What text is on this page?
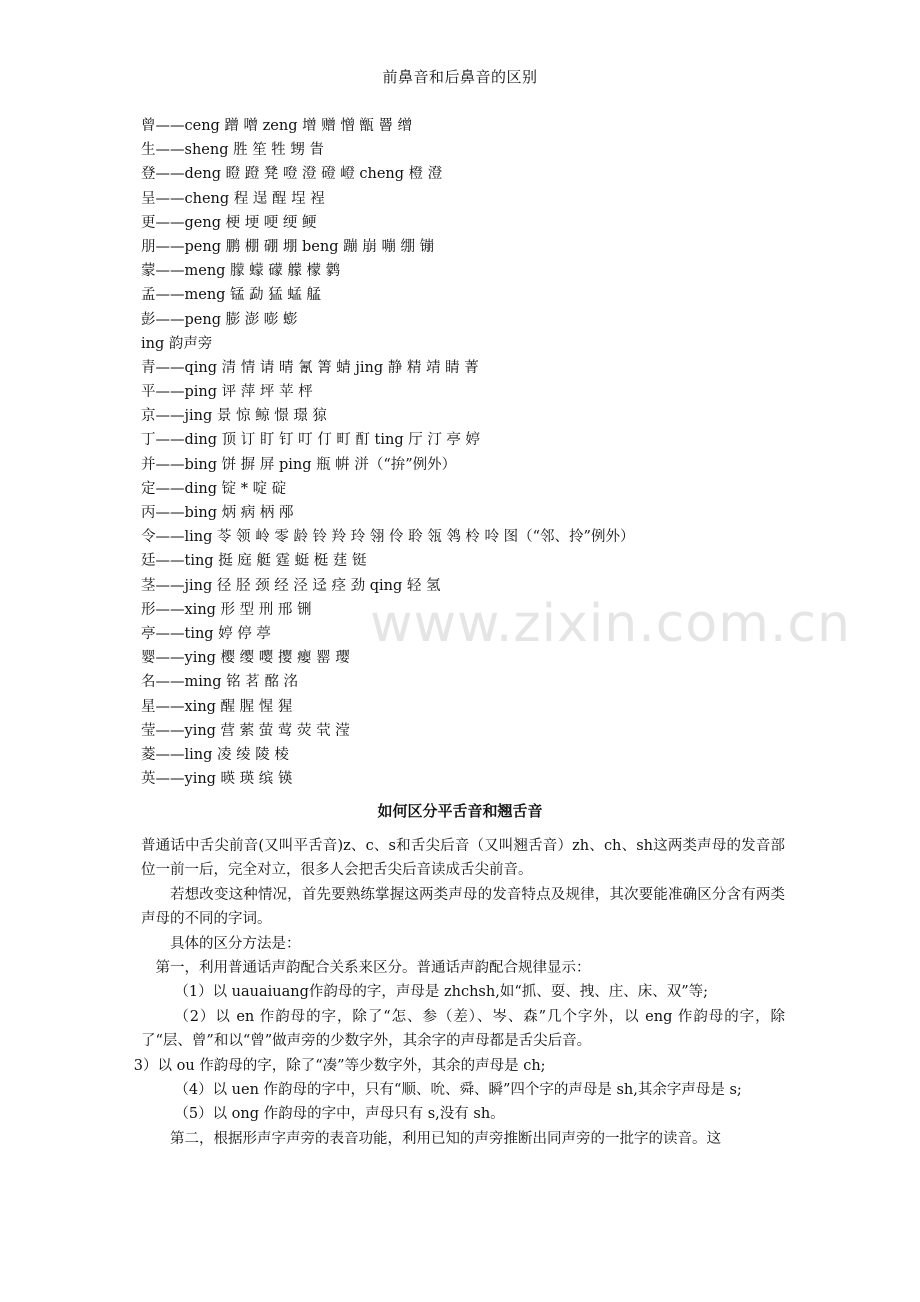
前鼻音和后鼻音的区别
曾——ceng 蹭 噌 zeng 增 赠 憎 甑 罾 缯
生——sheng 胜 笙 牲 甥 眚
登——deng 瞪 蹬 凳 噔 澄 磴 嶝 cheng 橙 澄
呈——cheng 程 逞 酲 埕 裎
更——geng 梗 埂 哽 绠 鲠
朋——peng 鹏 棚 硼 堋 beng 蹦 崩 嘣 绷 镚
蒙——meng 朦 蠓 礞 艨 檬 鹲
孟——meng 锰 勐 猛 蜢 艋
彭——peng 膨 澎 嘭 蟛
ing 韵声旁
青——qing 清 情 请 晴 氰 箐 蜻 jing 静 精 靖 睛 菁
平——ping 评 萍 坪 苹 枰
京——jing 景 惊 鲸 憬 璟 猄
丁——ding 顶 订 盯 钉 叮 仃 町 酊 ting 厅 汀 亭 婷
并——bing 饼 摒 屏 ping 瓶 帲 洴（“拚”例外）
定——ding 锭 * 啶 碇
丙——bing 炳 病 柄 邴
令——ling 苓 领 岭 零 龄 铃 羚 玲 翎 伶 聆 瓴 鸰 柃 呤 图（“邻、拎”例外）
廷——ting 挺 庭 艇 霆 蜓 梃 莛 铤
茎——jing 径 胫 颈 经 泾 迳 痉 劲 qing 轻 氢
形——xing 形 型 刑 邢 铏
亭——ting 婷 停 葶
婴——ying 樱 缨 嘤 撄 瘿 罂 璎
名——ming 铭 茗 酩 洺
星——xing 醒 腥 惺 猩
莹——ying 营 萦 萤 莺 荧 茕 滢
菱——ling 凌 绫 陵 棱
英——ying 暎 瑛 缤 锳
www.zixin.com.cn
如何区分平舌音和翘舌音

普通话中舌尖前音(又叫平舌音)z、c、s和舌尖后音（又叫翘舌音）zh、ch、sh这两类声母的发音部位一前一后，完全对立，很多人会把舌尖后音读成舌尖前音。

若想改变这种情况，首先要熟练掌握这两类声母的发音特点及规律，其次要能准确区分含有两类声母的不同的字词。

具体的区分方法是：

第一，利用普通话声韵配合关系来区分。普通话声韵配合规律显示：

（1）以 uauaiuang作韵母的字，声母是 zhchsh,如“抓、耍、拽、庄、床、双”等;

（2）以 en 作韵母的字，除了“怎、参（差）、岑、森”几个字外，以 eng 作韵母的字，除了“层、曾”和以“曾”做声旁的少数字外，其余字的声母都是舌尖后音。

3）以 ou 作韵母的字，除了“凑”等少数字外，其余的声母是 ch;

（4）以 uen 作韵母的字中，只有“顺、吮、舜、瞬”四个字的声母是 sh,其余字声母是 s;

（5）以 ong 作韵母的字中，声母只有 s,没有 sh。

第二，根据形声字声旁的表音功能，利用已知的声旁推断出同声旁的一批字的读音。这
